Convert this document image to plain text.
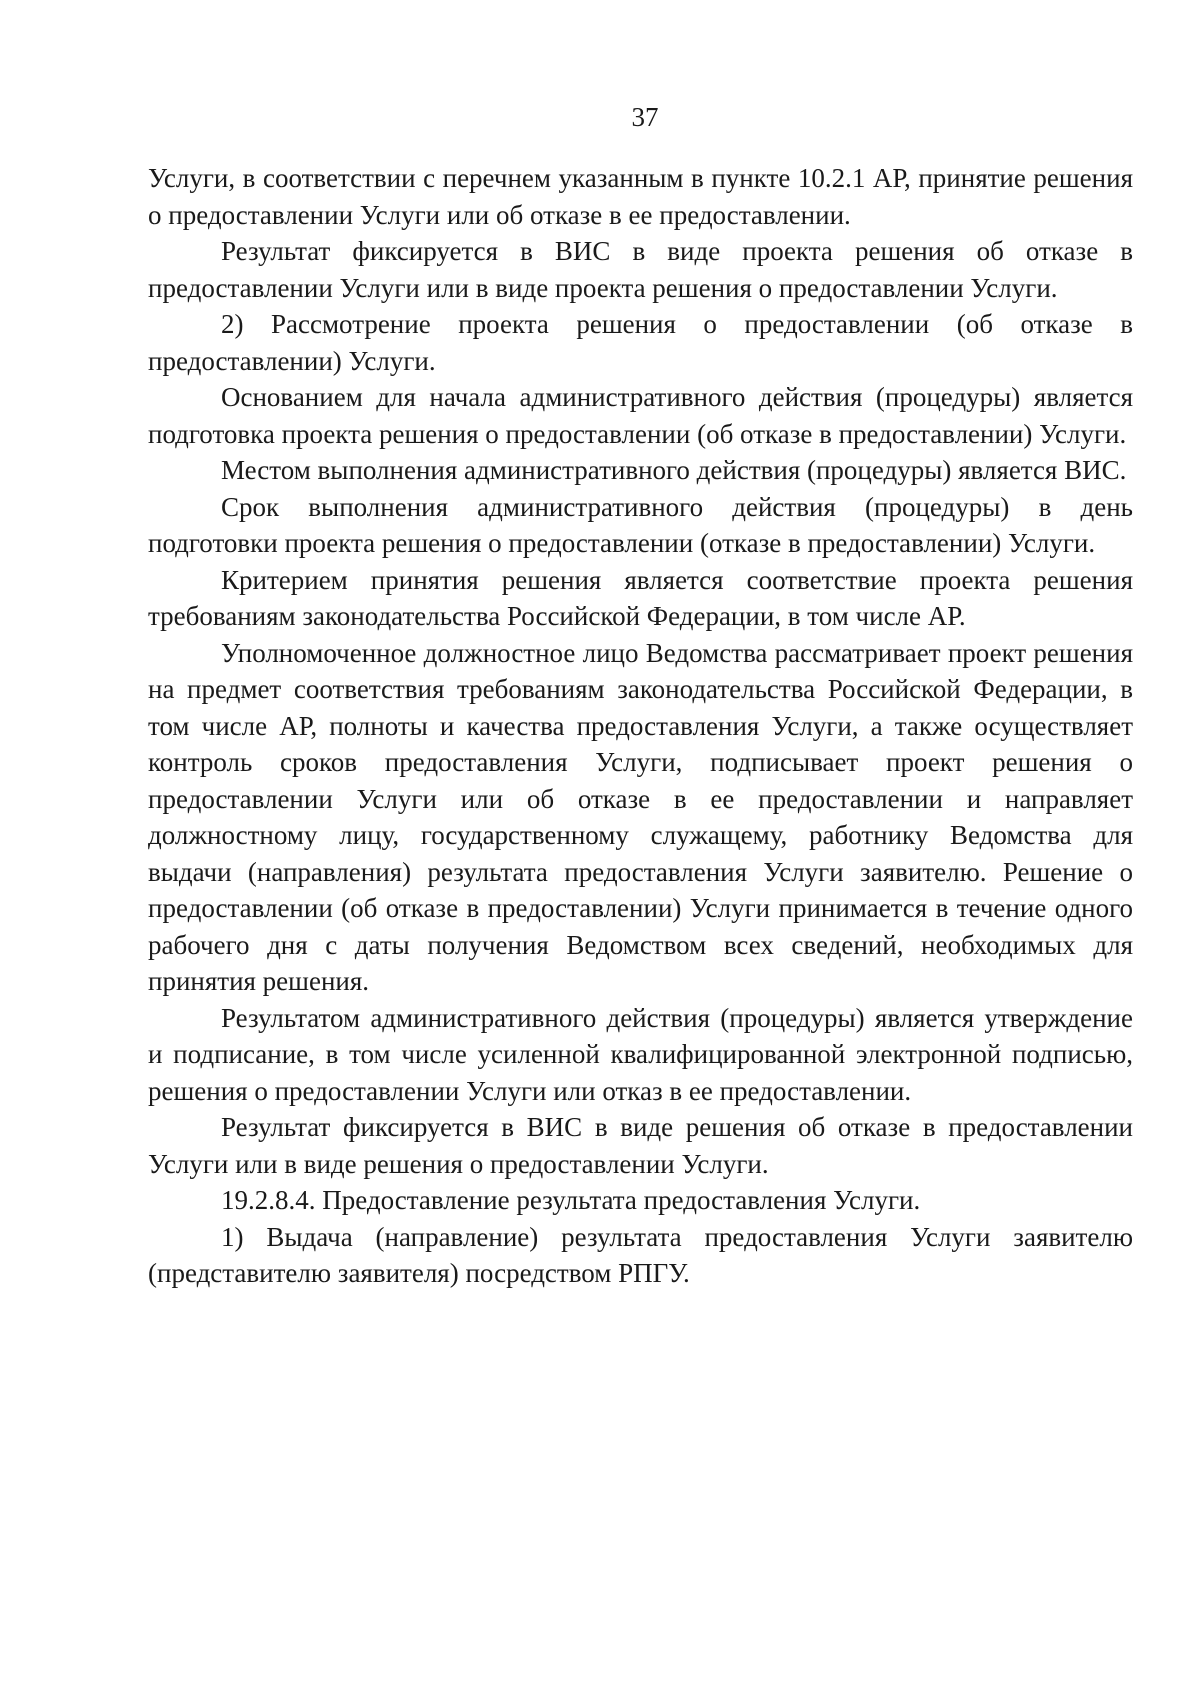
37

Услуги, в соответствии с перечнем указанным в пункте 10.2.1 АР, принятие решения о предоставлении Услуги или об отказе в ее предоставлении.

Результат фиксируется в ВИС в виде проекта решения об отказе в предоставлении Услуги или в виде проекта решения о предоставлении Услуги.

2) Рассмотрение проекта решения о предоставлении (об отказе в предоставлении) Услуги.

Основанием для начала административного действия (процедуры) является подготовка проекта решения о предоставлении (об отказе в предоставлении) Услуги.

Местом выполнения административного действия (процедуры) является ВИС.

Срок выполнения административного действия (процедуры) в день подготовки проекта решения о предоставлении (отказе в предоставлении) Услуги.

Критерием принятия решения является соответствие проекта решения требованиям законодательства Российской Федерации, в том числе АР.

Уполномоченное должностное лицо Ведомства рассматривает проект решения на предмет соответствия требованиям законодательства Российской Федерации, в том числе АР, полноты и качества предоставления Услуги, а также осуществляет контроль сроков предоставления Услуги, подписывает проект решения о предоставлении Услуги или об отказе в ее предоставлении и направляет должностному лицу, государственному служащему, работнику Ведомства для выдачи (направления) результата предоставления Услуги заявителю. Решение о предоставлении (об отказе в предоставлении) Услуги принимается в течение одного рабочего дня с даты получения Ведомством всех сведений, необходимых для принятия решения.

Результатом административного действия (процедуры) является утверждение и подписание, в том числе усиленной квалифицированной электронной подписью, решения о предоставлении Услуги или отказ в ее предоставлении.

Результат фиксируется в ВИС в виде решения об отказе в предоставлении Услуги или в виде решения о предоставлении Услуги.

19.2.8.4. Предоставление результата предоставления Услуги.

1) Выдача (направление) результата предоставления Услуги заявителю (представителю заявителя) посредством РПГУ.
